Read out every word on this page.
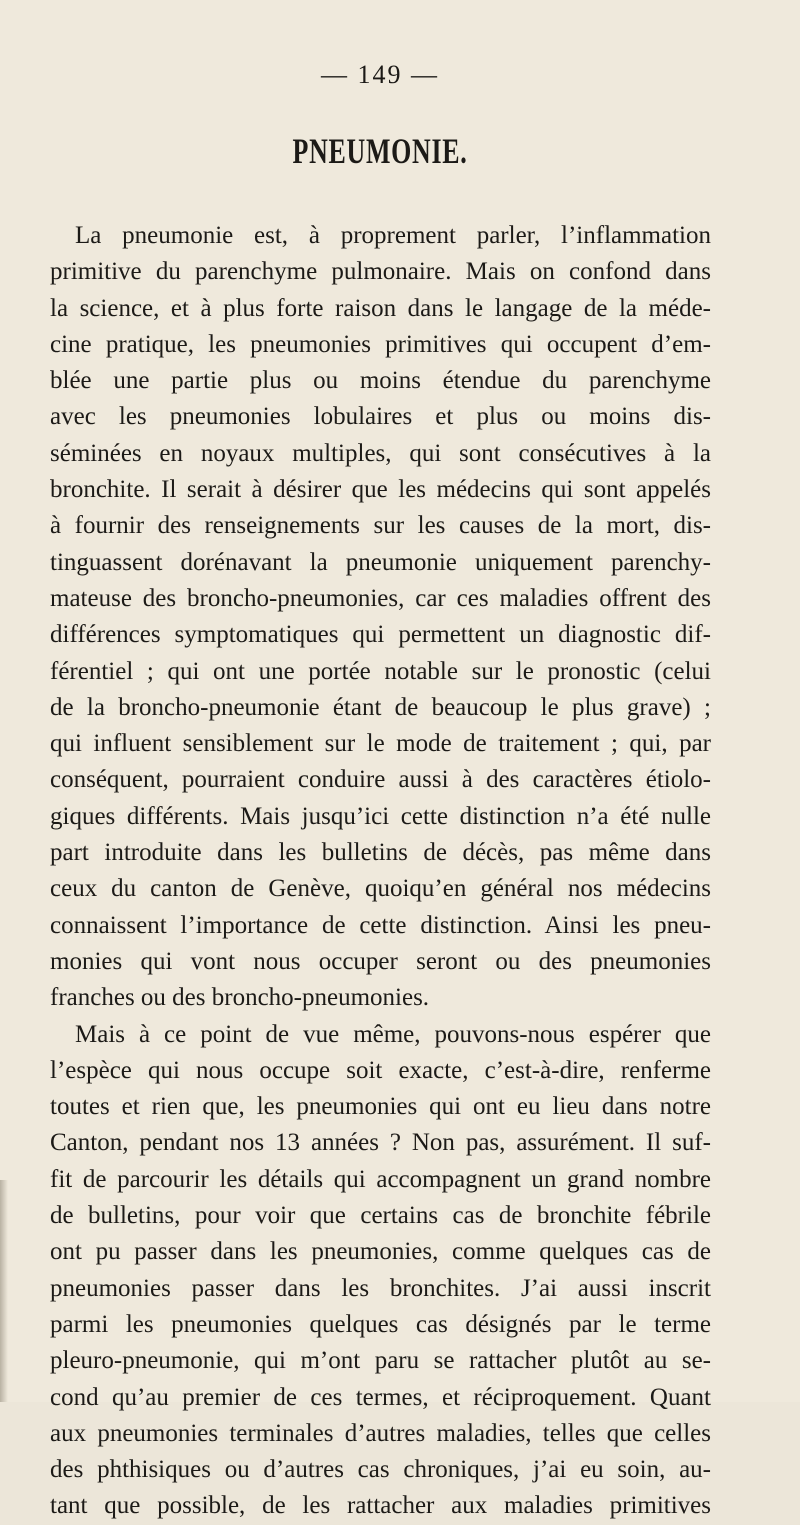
— 149 —
PNEUMONIE.
La pneumonie est, à proprement parler, l’inflammation
primitive du parenchyme pulmonaire. Mais on confond dans
la science, et à plus forte raison dans le langage de la méde-
cine pratique, les pneumonies primitives qui occupent d’em-
blée une partie plus ou moins étendue du parenchyme
avec les pneumonies lobulaires et plus ou moins dis-
séminées en noyaux multiples, qui sont consécutives à la
bronchite. Il serait à désirer que les médecins qui sont appelés
à fournir des renseignements sur les causes de la mort, dis-
tinguassent dorénavant la pneumonie uniquement parenchy-
mateuse des broncho-pneumonies, car ces maladies offrent des
différences symptomatiques qui permettent un diagnostic dif-
férentiel ; qui ont une portée notable sur le pronostic (celui
de la broncho-pneumonie étant de beaucoup le plus grave) ;
qui influent sensiblement sur le mode de traitement ; qui, par
conséquent, pourraient conduire aussi à des caractères étiolo-
giques différents. Mais jusqu’ici cette distinction n’a été nulle
part introduite dans les bulletins de décès, pas même dans
ceux du canton de Genève, quoiqu’en général nos médecins
connaissent l’importance de cette distinction. Ainsi les pneu-
monies qui vont nous occuper seront ou des pneumonies
franches ou des broncho-pneumonies.
Mais à ce point de vue même, pouvons-nous espérer que
l’espèce qui nous occupe soit exacte, c’est-à-dire, renferme
toutes et rien que, les pneumonies qui ont eu lieu dans notre
Canton, pendant nos 13 années ? Non pas, assurément. Il suf-
fit de parcourir les détails qui accompagnent un grand nombre
de bulletins, pour voir que certains cas de bronchite fébrile
ont pu passer dans les pneumonies, comme quelques cas de
pneumonies passer dans les bronchites. J’ai aussi inscrit
parmi les pneumonies quelques cas désignés par le terme
pleuro-pneumonie, qui m’ont paru se rattacher plutôt au se-
cond qu’au premier de ces termes, et réciproquement. Quant
aux pneumonies terminales d’autres maladies, telles que celles
des phthisiques ou d’autres cas chroniques, j’ai eu soin, au-
tant que possible, de les rattacher aux maladies primitives
